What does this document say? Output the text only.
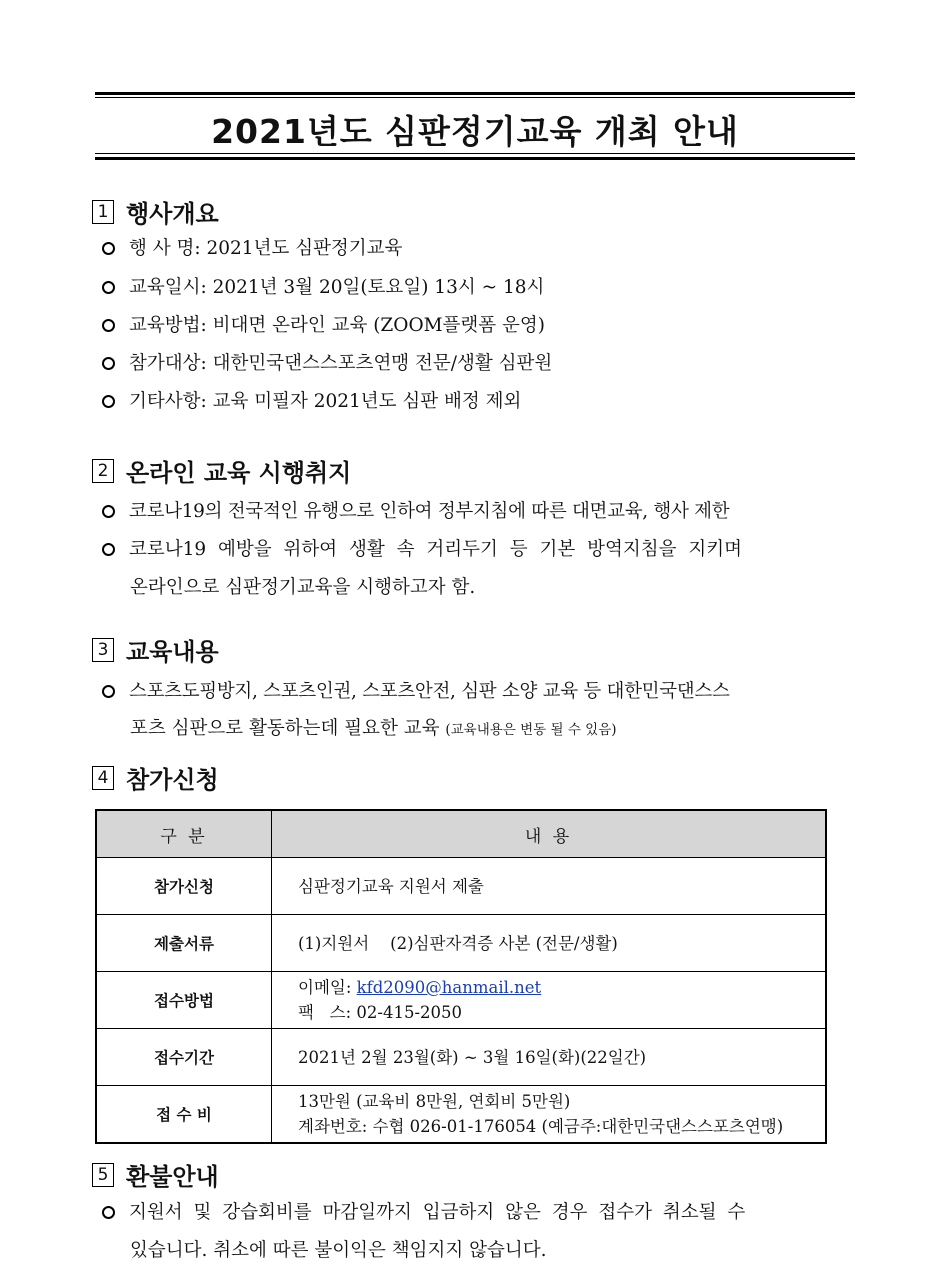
2021년도 심판정기교육 개최 안내
1 행사개요
행 사 명: 2021년도 심판정기교육
교육일시: 2021년 3월 20일(토요일) 13시 ~ 18시
교육방법: 비대면 온라인 교육 (ZOOM플랫폼 운영)
참가대상: 대한민국댄스스포츠연맹 전문/생활 심판원
기타사항: 교육 미필자 2021년도 심판 배정 제외
2 온라인 교육 시행취지
코로나19의 전국적인 유행으로 인하여 정부지침에 따른 대면교육, 행사 제한
코로나19 예방을 위하여 생활 속 거리두기 등 기본 방역지침을 지키며
온라인으로 심판정기교육을 시행하고자 함.
3 교육내용
스포츠도핑방지, 스포츠인권, 스포츠안전, 심판 소양 교육 등 대한민국댄스스
포츠 심판으로 활동하는데 필요한 교육 (교육내용은 변동 될 수 있음)
4 참가신청
구 분	내 용
참가신청	심판정기교육 지원서 제출
제출서류	(1)지원서    (2)심판자격증 사본 (전문/생활)
접수방법	이메일: kfd2090@hanmail.net
팩   스: 02-415-2050

접수기간	2021년 2월 23월(화) ~ 3월 16일(화)(22일간)
접 수 비	13만원 (교육비 8만원, 연회비 5만원)
계좌번호: 수협 026-01-176054 (예금주:대한민국댄스스포츠연맹)
5 환불안내
지원서 및 강습회비를 마감일까지 입금하지 않은 경우 접수가 취소될 수
있습니다. 취소에 따른 불이익은 책임지지 않습니다.
